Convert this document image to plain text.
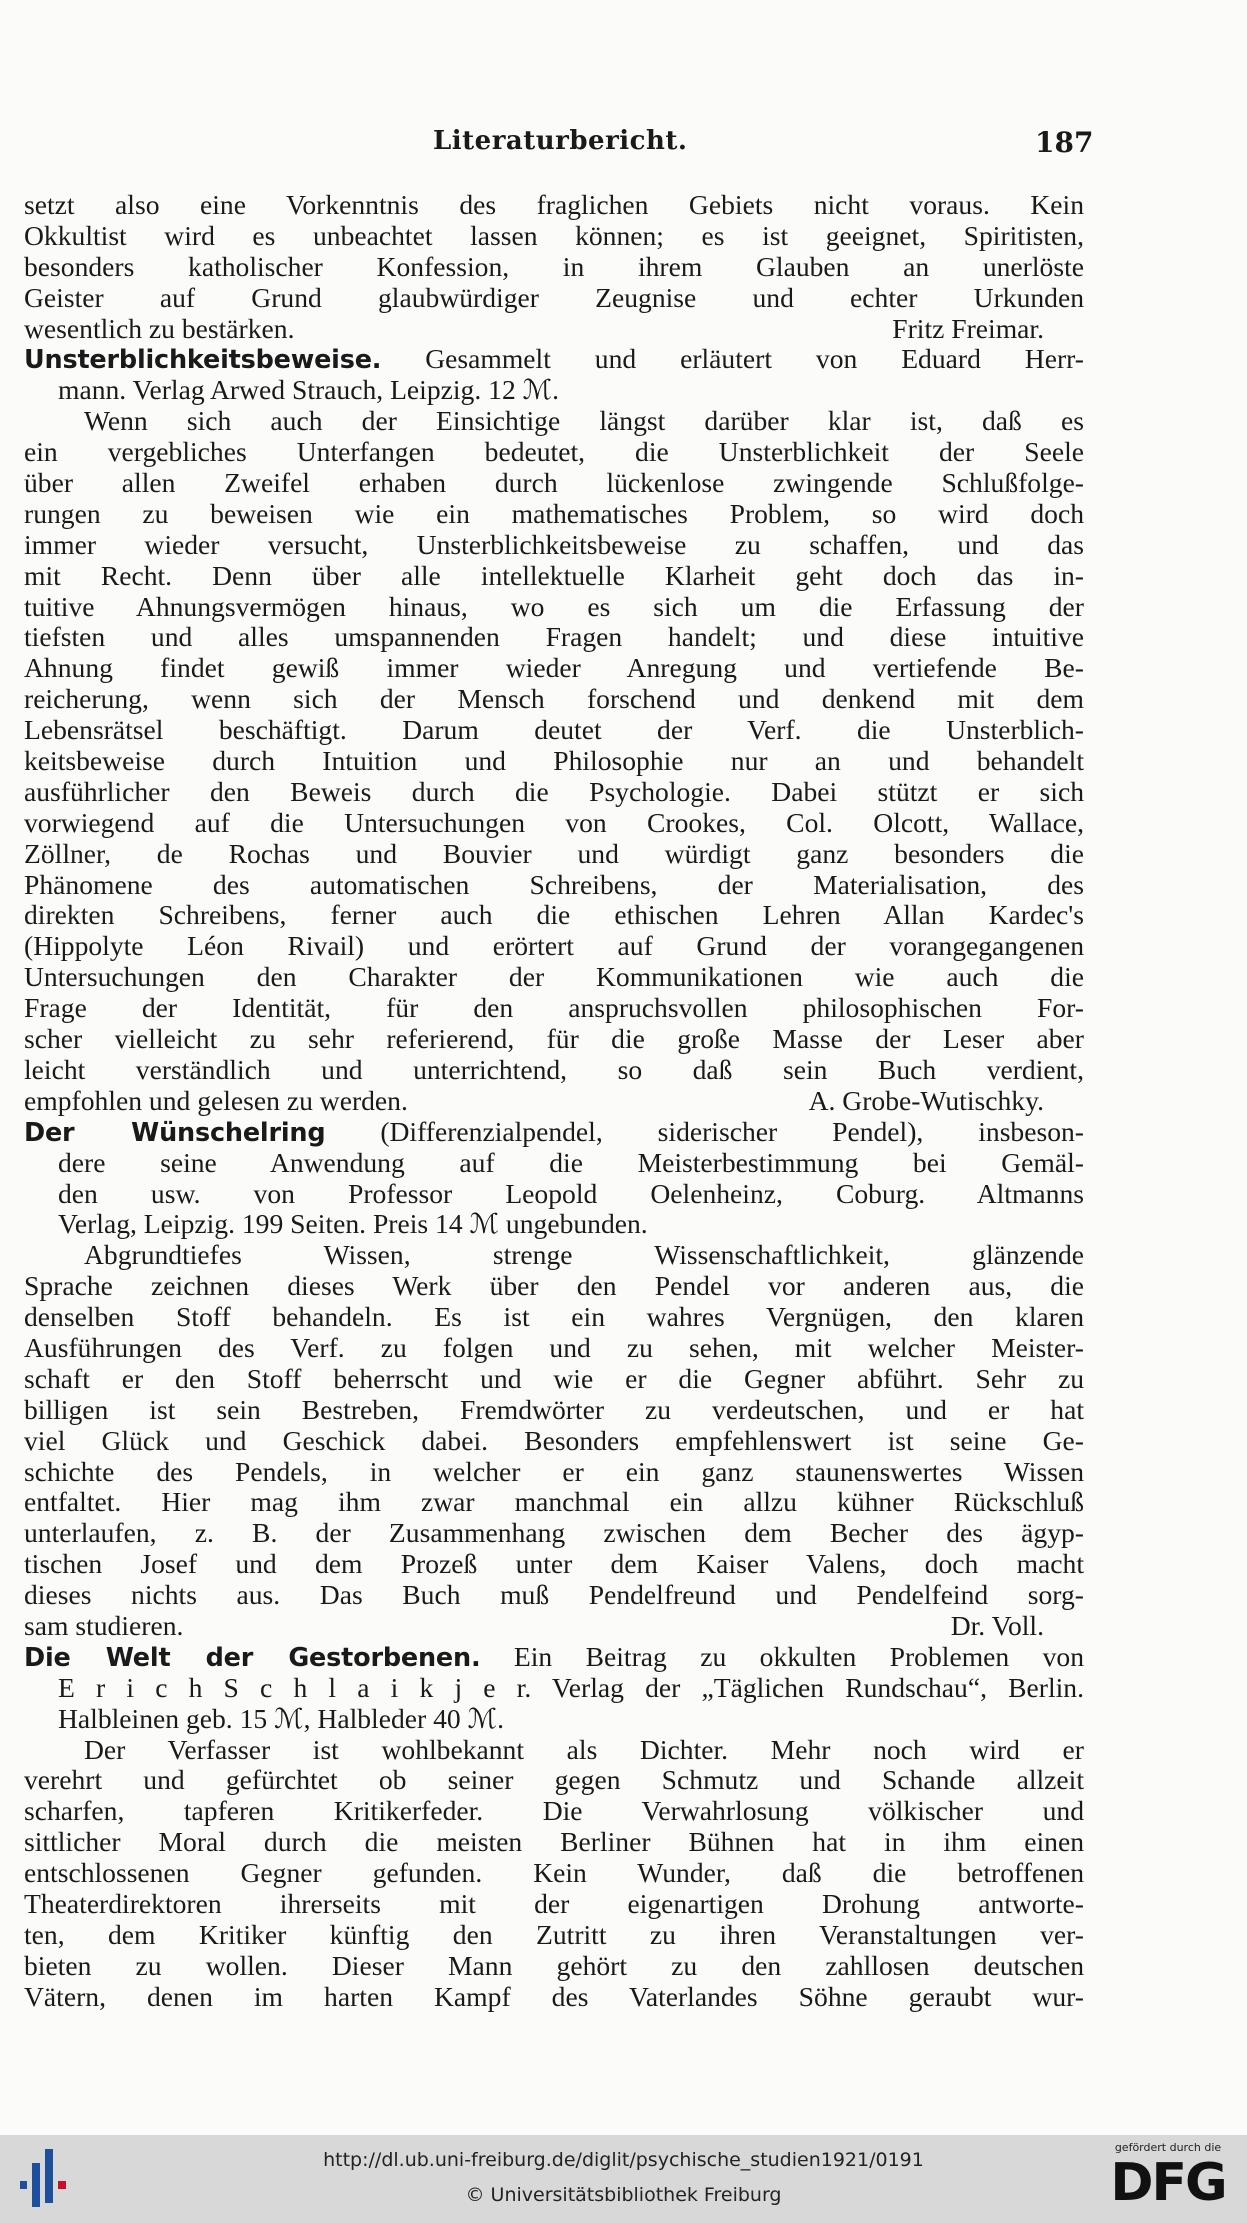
Literaturbericht.	187
setzt also eine Vorkenntnis des fraglichen Gebiets nicht voraus. Kein
Okkultist wird es unbeachtet lassen können; es ist geeignet, Spiritisten,
besonders katholischer Konfession, in ihrem Glauben an unerlöste
Geister auf Grund glaubwürdiger Zeugnise und echter Urkunden
wesentlich zu bestärken.	Fritz Freimar.
Unsterblichkeitsbeweise. Gesammelt und erläutert von Eduard Herr-
mann. Verlag Arwed Strauch, Leipzig. 12 ℳ.
Wenn sich auch der Einsichtige längst darüber klar ist, daß es
ein vergebliches Unterfangen bedeutet, die Unsterblichkeit der Seele
über allen Zweifel erhaben durch lückenlose zwingende Schlußfolge-
rungen zu beweisen wie ein mathematisches Problem, so wird doch
immer wieder versucht, Unsterblichkeitsbeweise zu schaffen, und das
mit Recht. Denn über alle intellektuelle Klarheit geht doch das in-
tuitive Ahnungsvermögen hinaus, wo es sich um die Erfassung der
tiefsten und alles umspannenden Fragen handelt; und diese intuitive
Ahnung findet gewiß immer wieder Anregung und vertiefende Be-
reicherung, wenn sich der Mensch forschend und denkend mit dem
Lebensrätsel beschäftigt. Darum deutet der Verf. die Unsterblich-
keitsbeweise durch Intuition und Philosophie nur an und behandelt
ausführlicher den Beweis durch die Psychologie. Dabei stützt er sich
vorwiegend auf die Untersuchungen von Crookes, Col. Olcott, Wallace,
Zöllner, de Rochas und Bouvier und würdigt ganz besonders die
Phänomene des automatischen Schreibens, der Materialisation, des
direkten Schreibens, ferner auch die ethischen Lehren Allan Kardec's
(Hippolyte Léon Rivail) und erörtert auf Grund der vorangegangenen
Untersuchungen den Charakter der Kommunikationen wie auch die
Frage der Identität, für den anspruchsvollen philosophischen For-
scher vielleicht zu sehr referierend, für die große Masse der Leser aber
leicht verständlich und unterrichtend, so daß sein Buch verdient,
empfohlen und gelesen zu werden.	A. Grobe-Wutischky.
Der Wünschelring (Differenzialpendel, siderischer Pendel), insbeson-
dere seine Anwendung auf die Meisterbestimmung bei Gemäl-
den usw. von Professor Leopold Oelenheinz, Coburg. Altmanns
Verlag, Leipzig. 199 Seiten. Preis 14 ℳ ungebunden.
Abgrundtiefes Wissen, strenge Wissenschaftlichkeit, glänzende
Sprache zeichnen dieses Werk über den Pendel vor anderen aus, die
denselben Stoff behandeln. Es ist ein wahres Vergnügen, den klaren
Ausführungen des Verf. zu folgen und zu sehen, mit welcher Meister-
schaft er den Stoff beherrscht und wie er die Gegner abführt. Sehr zu
billigen ist sein Bestreben, Fremdwörter zu verdeutschen, und er hat
viel Glück und Geschick dabei. Besonders empfehlenswert ist seine Ge-
schichte des Pendels, in welcher er ein ganz staunenswertes Wissen
entfaltet. Hier mag ihm zwar manchmal ein allzu kühner Rückschluß
unterlaufen, z. B. der Zusammenhang zwischen dem Becher des ägyp-
tischen Josef und dem Prozeß unter dem Kaiser Valens, doch macht
dieses nichts aus. Das Buch muß Pendelfreund und Pendelfeind sorg-
sam studieren.	Dr. Voll.
Die Welt der Gestorbenen. Ein Beitrag zu okkulten Problemen von
E r i c h S c h l a i k j e r. Verlag der „Täglichen Rundschau“, Berlin.
Halbleinen geb. 15 ℳ, Halbleder 40 ℳ.
Der Verfasser ist wohlbekannt als Dichter. Mehr noch wird er
verehrt und gefürchtet ob seiner gegen Schmutz und Schande allzeit
scharfen, tapferen Kritikerfeder. Die Verwahrlosung völkischer und
sittlicher Moral durch die meisten Berliner Bühnen hat in ihm einen
entschlossenen Gegner gefunden. Kein Wunder, daß die betroffenen
Theaterdirektoren ihrerseits mit der eigenartigen Drohung antworte-
ten, dem Kritiker künftig den Zutritt zu ihren Veranstaltungen ver-
bieten zu wollen. Dieser Mann gehört zu den zahllosen deutschen
Vätern, denen im harten Kampf des Vaterlandes Söhne geraubt wur-
http://dl.ub.uni-freiburg.de/diglit/psychische_studien1921/0191
© Universitätsbibliothek Freiburg
gefördert durch die
DFG
